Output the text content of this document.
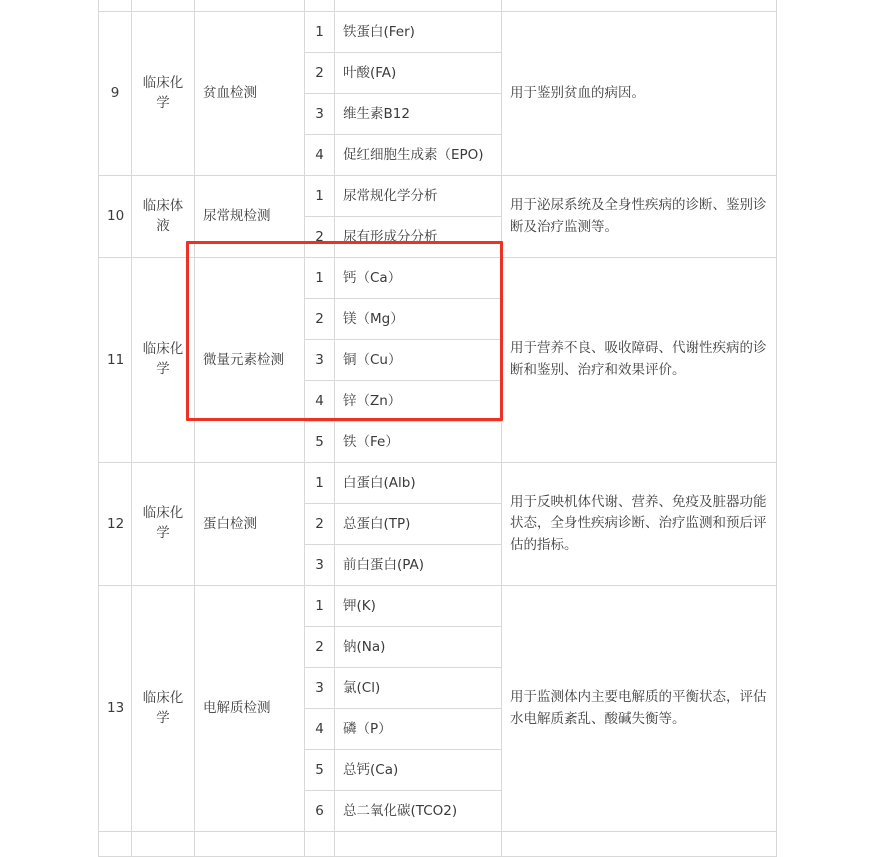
9	临床化学	贫血检测	1	铁蛋白(Fer)	用于鉴别贫血的病因。
			2	叶酸(FA)	
			3	维生素B12	
			4	促红细胞生成素（EPO)	
10	临床体液	尿常规检测	1	尿常规化学分析	用于泌尿系统及全身性疾病的诊断、鉴别诊断及治疗监测等。
			2	尿有形成分分析	
11	临床化学	微量元素检测	1	钙（Ca）	用于营养不良、吸收障碍、代谢性疾病的诊断和鉴别、治疗和效果评价。
			2	镁（Mg）	
			3	铜（Cu）	
			4	锌（Zn）	
			5	铁（Fe）	
12	临床化学	蛋白检测	1	白蛋白(Alb)	用于反映机体代谢、营养、免疫及脏器功能状态，全身性疾病诊断、治疗监测和预后评估的指标。
			2	总蛋白(TP)	
			3	前白蛋白(PA)	
13	临床化学	电解质检测	1	钾(K)	用于监测体内主要电解质的平衡状态，评估水电解质紊乱、酸碱失衡等。
			2	钠(Na)	
			3	氯(Cl)	
			4	磷（P）	
			5	总钙(Ca)	
			6	总二氧化碳(TCO2)	
